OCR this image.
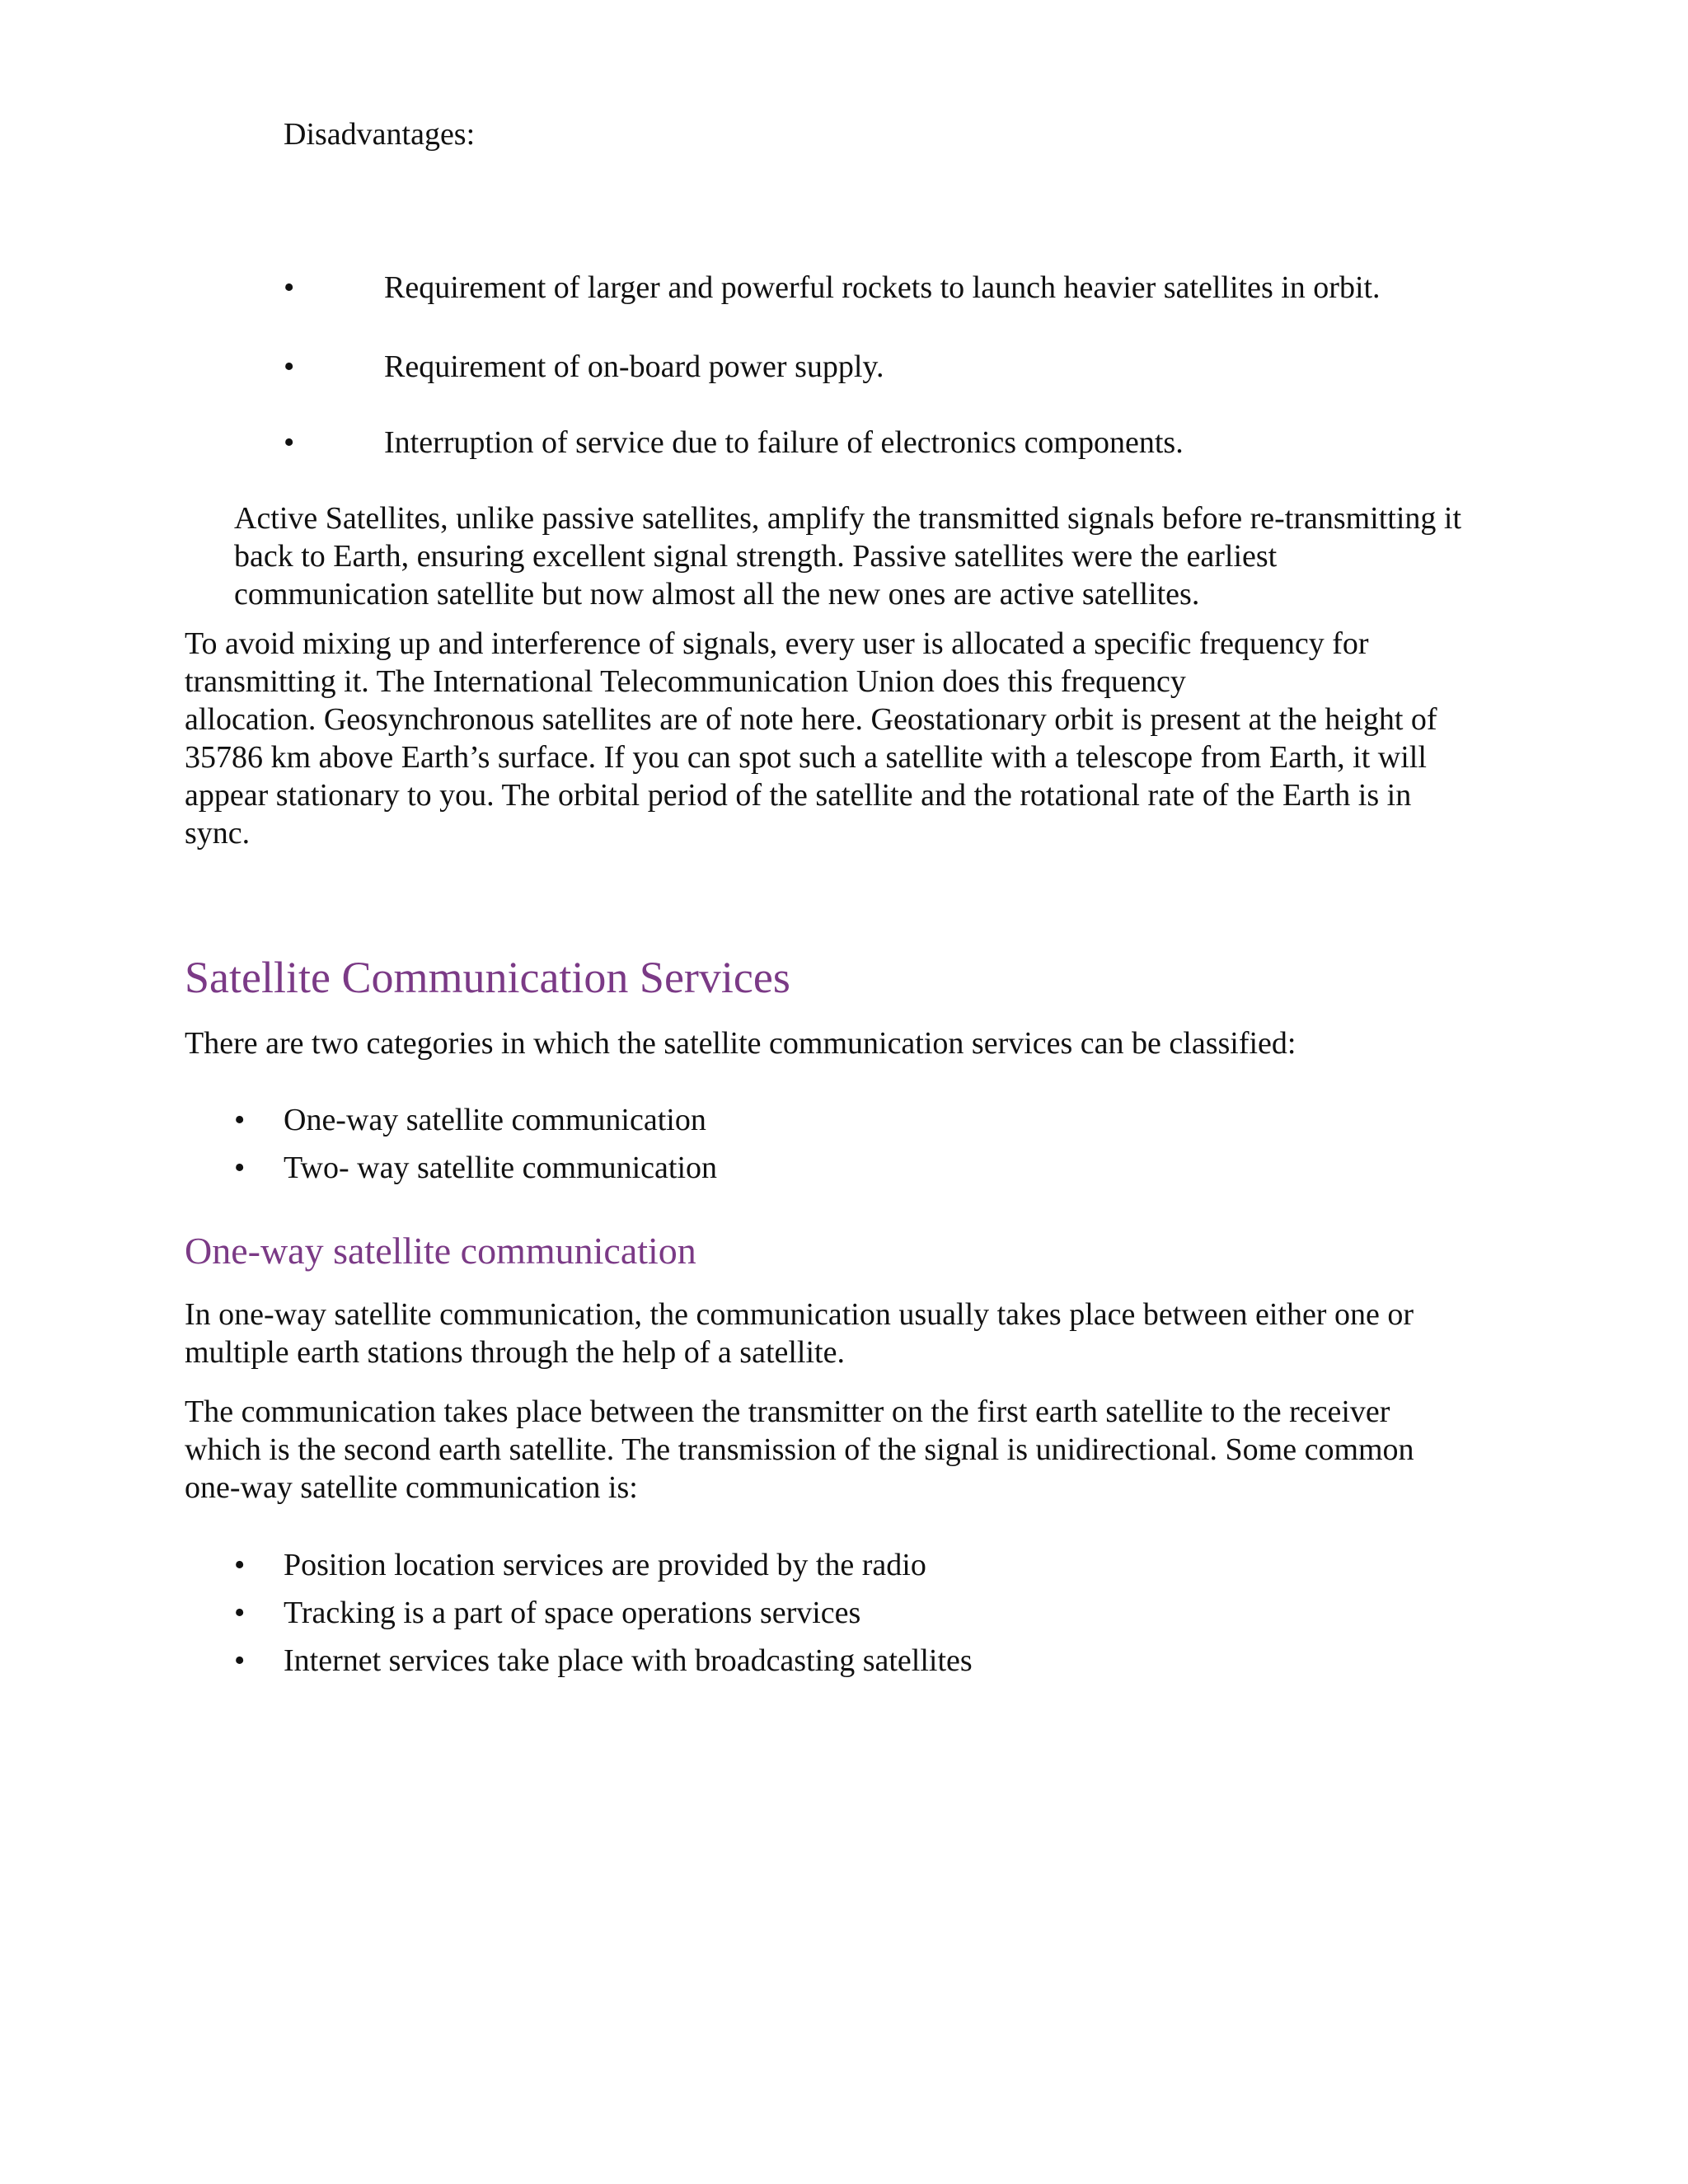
Disadvantages:
•	Requirement of larger and powerful rockets to launch heavier satellites in orbit.
•	Requirement of on-board power supply.
•	Interruption of service due to failure of electronics components.
Active Satellites, unlike passive satellites, amplify the transmitted signals before re-transmitting it
back to Earth, ensuring excellent signal strength. Passive satellites were the earliest
communication satellite but now almost all the new ones are active satellites.
To avoid mixing up and interference of signals, every user is allocated a specific frequency for
transmitting it. The International Telecommunication Union does this frequency
allocation. Geosynchronous satellites are of note here. Geostationary orbit is present at the height of
35786 km above Earth’s surface. If you can spot such a satellite with a telescope from Earth, it will
appear stationary to you. The orbital period of the satellite and the rotational rate of the Earth is in
sync.
Satellite Communication Services
There are two categories in which the satellite communication services can be classified:
• One-way satellite communication
• Two- way satellite communication
One-way satellite communication
In one-way satellite communication, the communication usually takes place between either one or
multiple earth stations through the help of a satellite.
The communication takes place between the transmitter on the first earth satellite to the receiver
which is the second earth satellite. The transmission of the signal is unidirectional. Some common
one-way satellite communication is:
• Position location services are provided by the radio
• Tracking is a part of space operations services
• Internet services take place with broadcasting satellites
